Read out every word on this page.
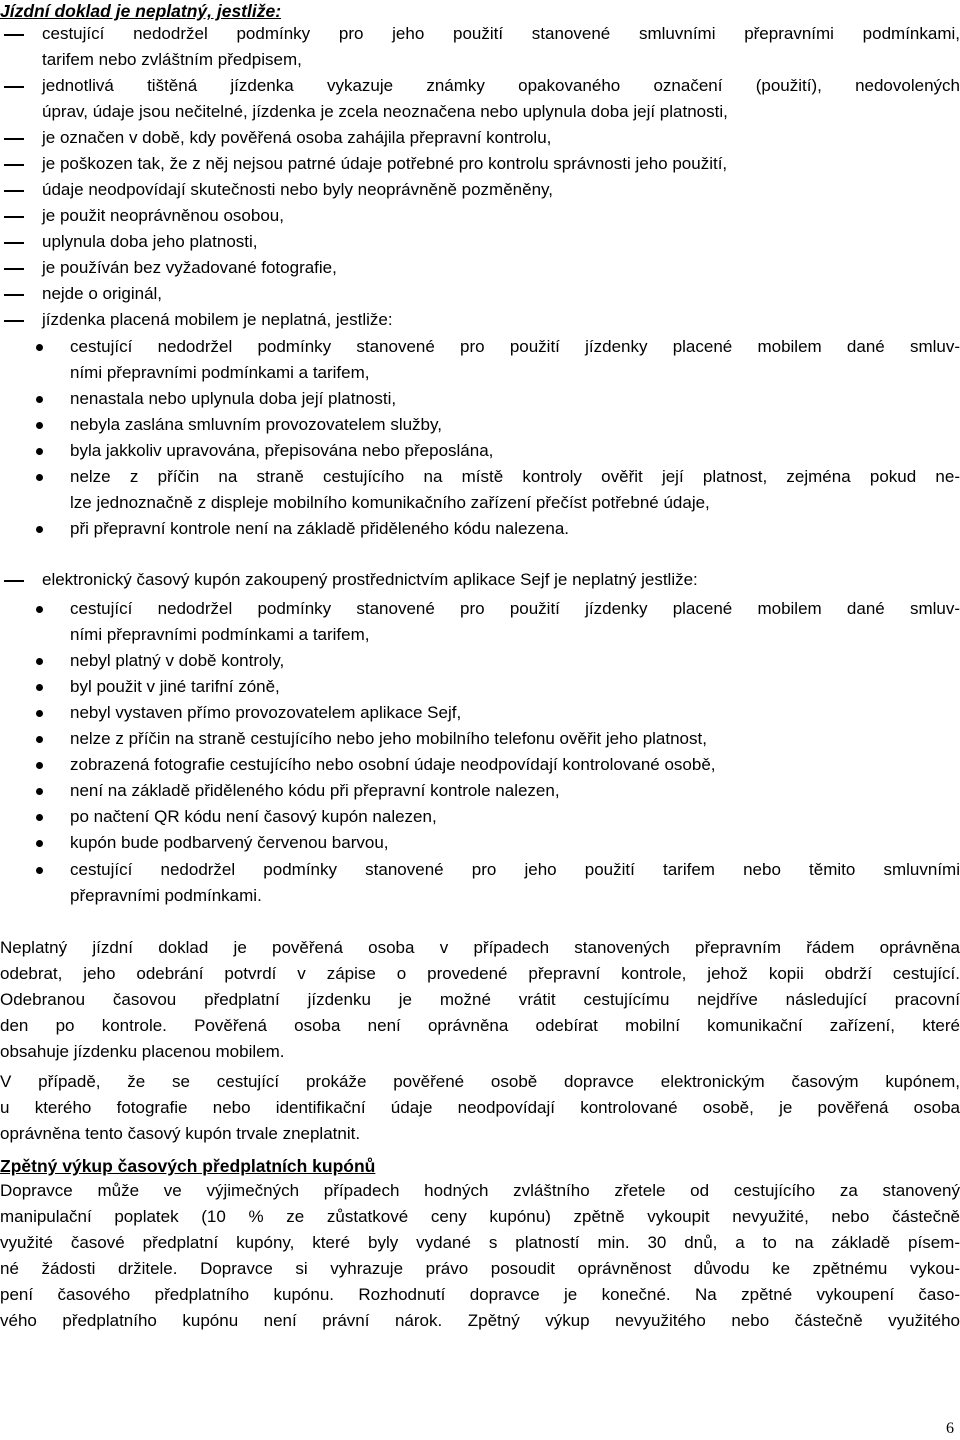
Jízdní doklad je neplatný, jestliže:
cestující nedodržel podmínky pro jeho použití stanovené smluvními přepravními podmínkami,
tarifem nebo zvláštním předpisem,
jednotlivá tištěná jízdenka vykazuje známky opakovaného označení (použití), nedovolených
úprav, údaje jsou nečitelné, jízdenka je zcela neoznačena nebo uplynula doba její platnosti,
je označen v době, kdy pověřená osoba zahájila přepravní kontrolu,
je poškozen tak, že z něj nejsou patrné údaje potřebné pro kontrolu správnosti jeho použití,
údaje neodpovídají skutečnosti nebo byly neoprávněně pozměněny,
je použit neoprávněnou osobou,
uplynula doba jeho platnosti,
je používán bez vyžadované fotografie,
nejde o originál,
jízdenka placená mobilem je neplatná, jestliže:
cestující nedodržel podmínky stanovené pro použití jízdenky placené mobilem dané smluv-
ními přepravními podmínkami a tarifem,
nenastala nebo uplynula doba její platnosti,
nebyla zaslána smluvním provozovatelem služby,
byla jakkoliv upravována, přepisována nebo přeposlána,
nelze z příčin na straně cestujícího na místě kontroly ověřit její platnost, zejména pokud ne-
lze jednoznačně z displeje mobilního komunikačního zařízení přečíst potřebné údaje,
při přepravní kontrole není na základě přiděleného kódu nalezena.
elektronický časový kupón zakoupený prostřednictvím aplikace Sejf je neplatný jestliže:
cestující nedodržel podmínky stanovené pro použití jízdenky placené mobilem dané smluv-
ními přepravními podmínkami a tarifem,
nebyl platný v době kontroly,
byl použit v jiné tarifní zóně,
nebyl vystaven přímo provozovatelem aplikace Sejf,
nelze z příčin na straně cestujícího nebo jeho mobilního telefonu ověřit jeho platnost,
zobrazená fotografie cestujícího nebo osobní údaje neodpovídají kontrolované osobě,
není na základě přiděleného kódu při přepravní kontrole nalezen,
po načtení QR kódu není časový kupón nalezen,
kupón bude podbarvený červenou barvou,
cestující nedodržel podmínky stanovené pro jeho použití tarifem nebo těmito smluvními
přepravními podmínkami.
Neplatný jízdní doklad je pověřená osoba v případech stanovených přepravním řádem oprávněna
odebrat, jeho odebrání potvrdí v zápise o provedené přepravní kontrole, jehož kopii obdrží cestující.
Odebranou časovou předplatní jízdenku je možné vrátit cestujícímu nejdříve následující pracovní
den po kontrole. Pověřená osoba není oprávněna odebírat mobilní komunikační zařízení, které
obsahuje jízdenku placenou mobilem.
V případě, že se cestující prokáže pověřené osobě dopravce elektronickým časovým kupónem,
u kterého fotografie nebo identifikační údaje neodpovídají kontrolované osobě, je pověřená osoba
oprávněna tento časový kupón trvale zneplatnit.
Zpětný výkup časových předplatních kupónů
Dopravce může ve výjimečných případech hodných zvláštního zřetele od cestujícího za stanovený
manipulační poplatek (10 % ze zůstatkové ceny kupónu) zpětně vykoupit nevyužité, nebo částečně
využité časové předplatní kupóny, které byly vydané s platností min. 30 dnů, a to na základě písem-
né žádosti držitele. Dopravce si vyhrazuje právo posoudit oprávněnost důvodu ke zpětnému vykou-
pení časového předplatního kupónu. Rozhodnutí dopravce je konečné. Na zpětné vykoupení časo-
vého předplatního kupónu není právní nárok. Zpětný výkup nevyužitého nebo částečně využitého
6
